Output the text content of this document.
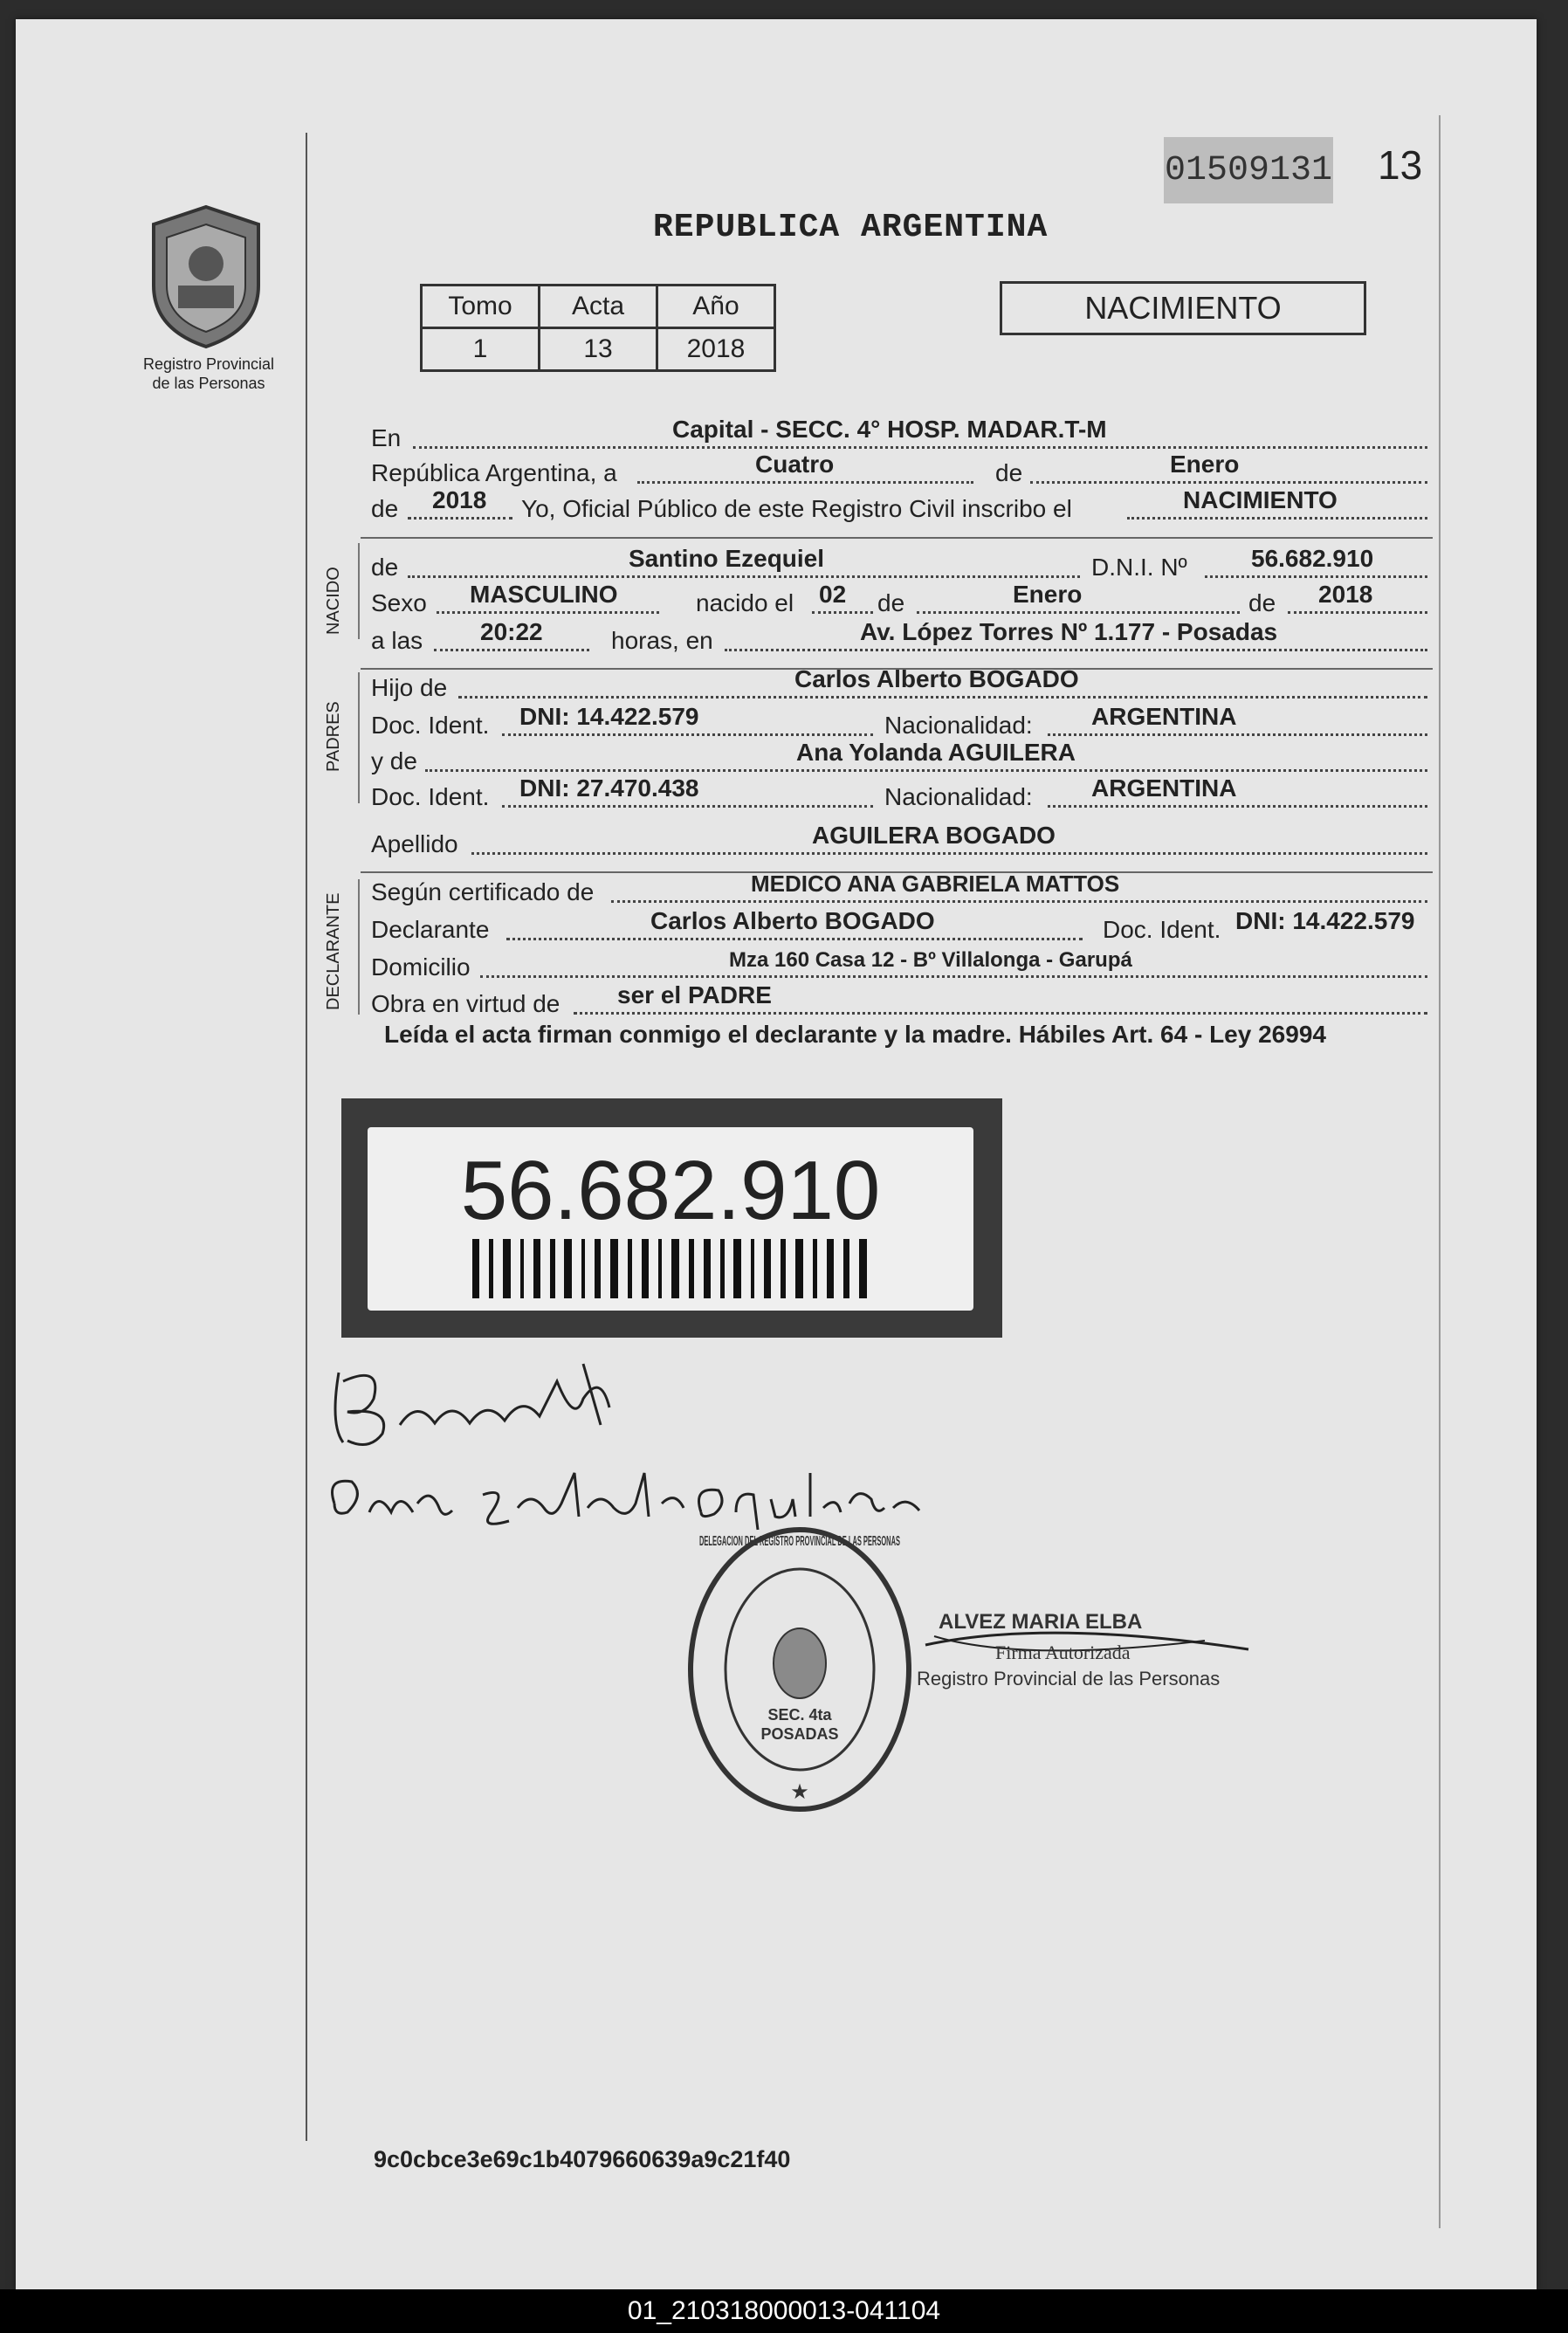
Registro Provincial
de las Personas
01509131 13
REPUBLICA ARGENTINA
Tomo	Acta	Año
1	13	2018
NACIMIENTO
NACIDO
PADRES
DECLARANTE
En	Capital - SECC. 4° HOSP. MADAR.T-M
República Argentina, a	Cuatro	de	Enero
de 2018 Yo, Oficial Público de este Registro Civil inscribo el	NACIMIENTO
de	Santino Ezequiel	D.N.I. Nº	56.682.910
Sexo MASCULINO	nacido el 02 de	Enero	de 2018
a las 20:22	horas, en	Av. López Torres Nº 1.177 - Posadas
Hijo de	Carlos Alberto BOGADO
Doc. Ident. DNI: 14.422.579	Nacionalidad: ARGENTINA
y de	Ana Yolanda AGUILERA
Doc. Ident. DNI: 27.470.438	Nacionalidad: ARGENTINA
Apellido	AGUILERA BOGADO
Según certificado de	MEDICO ANA GABRIELA MATTOS
Declarante	Carlos Alberto BOGADO	Doc. Ident. DNI: 14.422.579
Domicilio	Mza 160 Casa 12 - Bº Villalonga - Garupá
Obra en virtud de ser el PADRE
Leída el acta firman conmigo el declarante y la madre. Hábiles Art. 64 - Ley 26994
56.682.910
SEC. 4ta
POSADAS
DELEGACION DEL REGISTRO PROVINCIAL DE LAS PERSONAS
★
ALVEZ MARIA ELBA
Firma Autorizada
Registro Provincial de las Personas
9c0cbce3e69c1b4079660639a9c21f40
01_210318000013-041104
